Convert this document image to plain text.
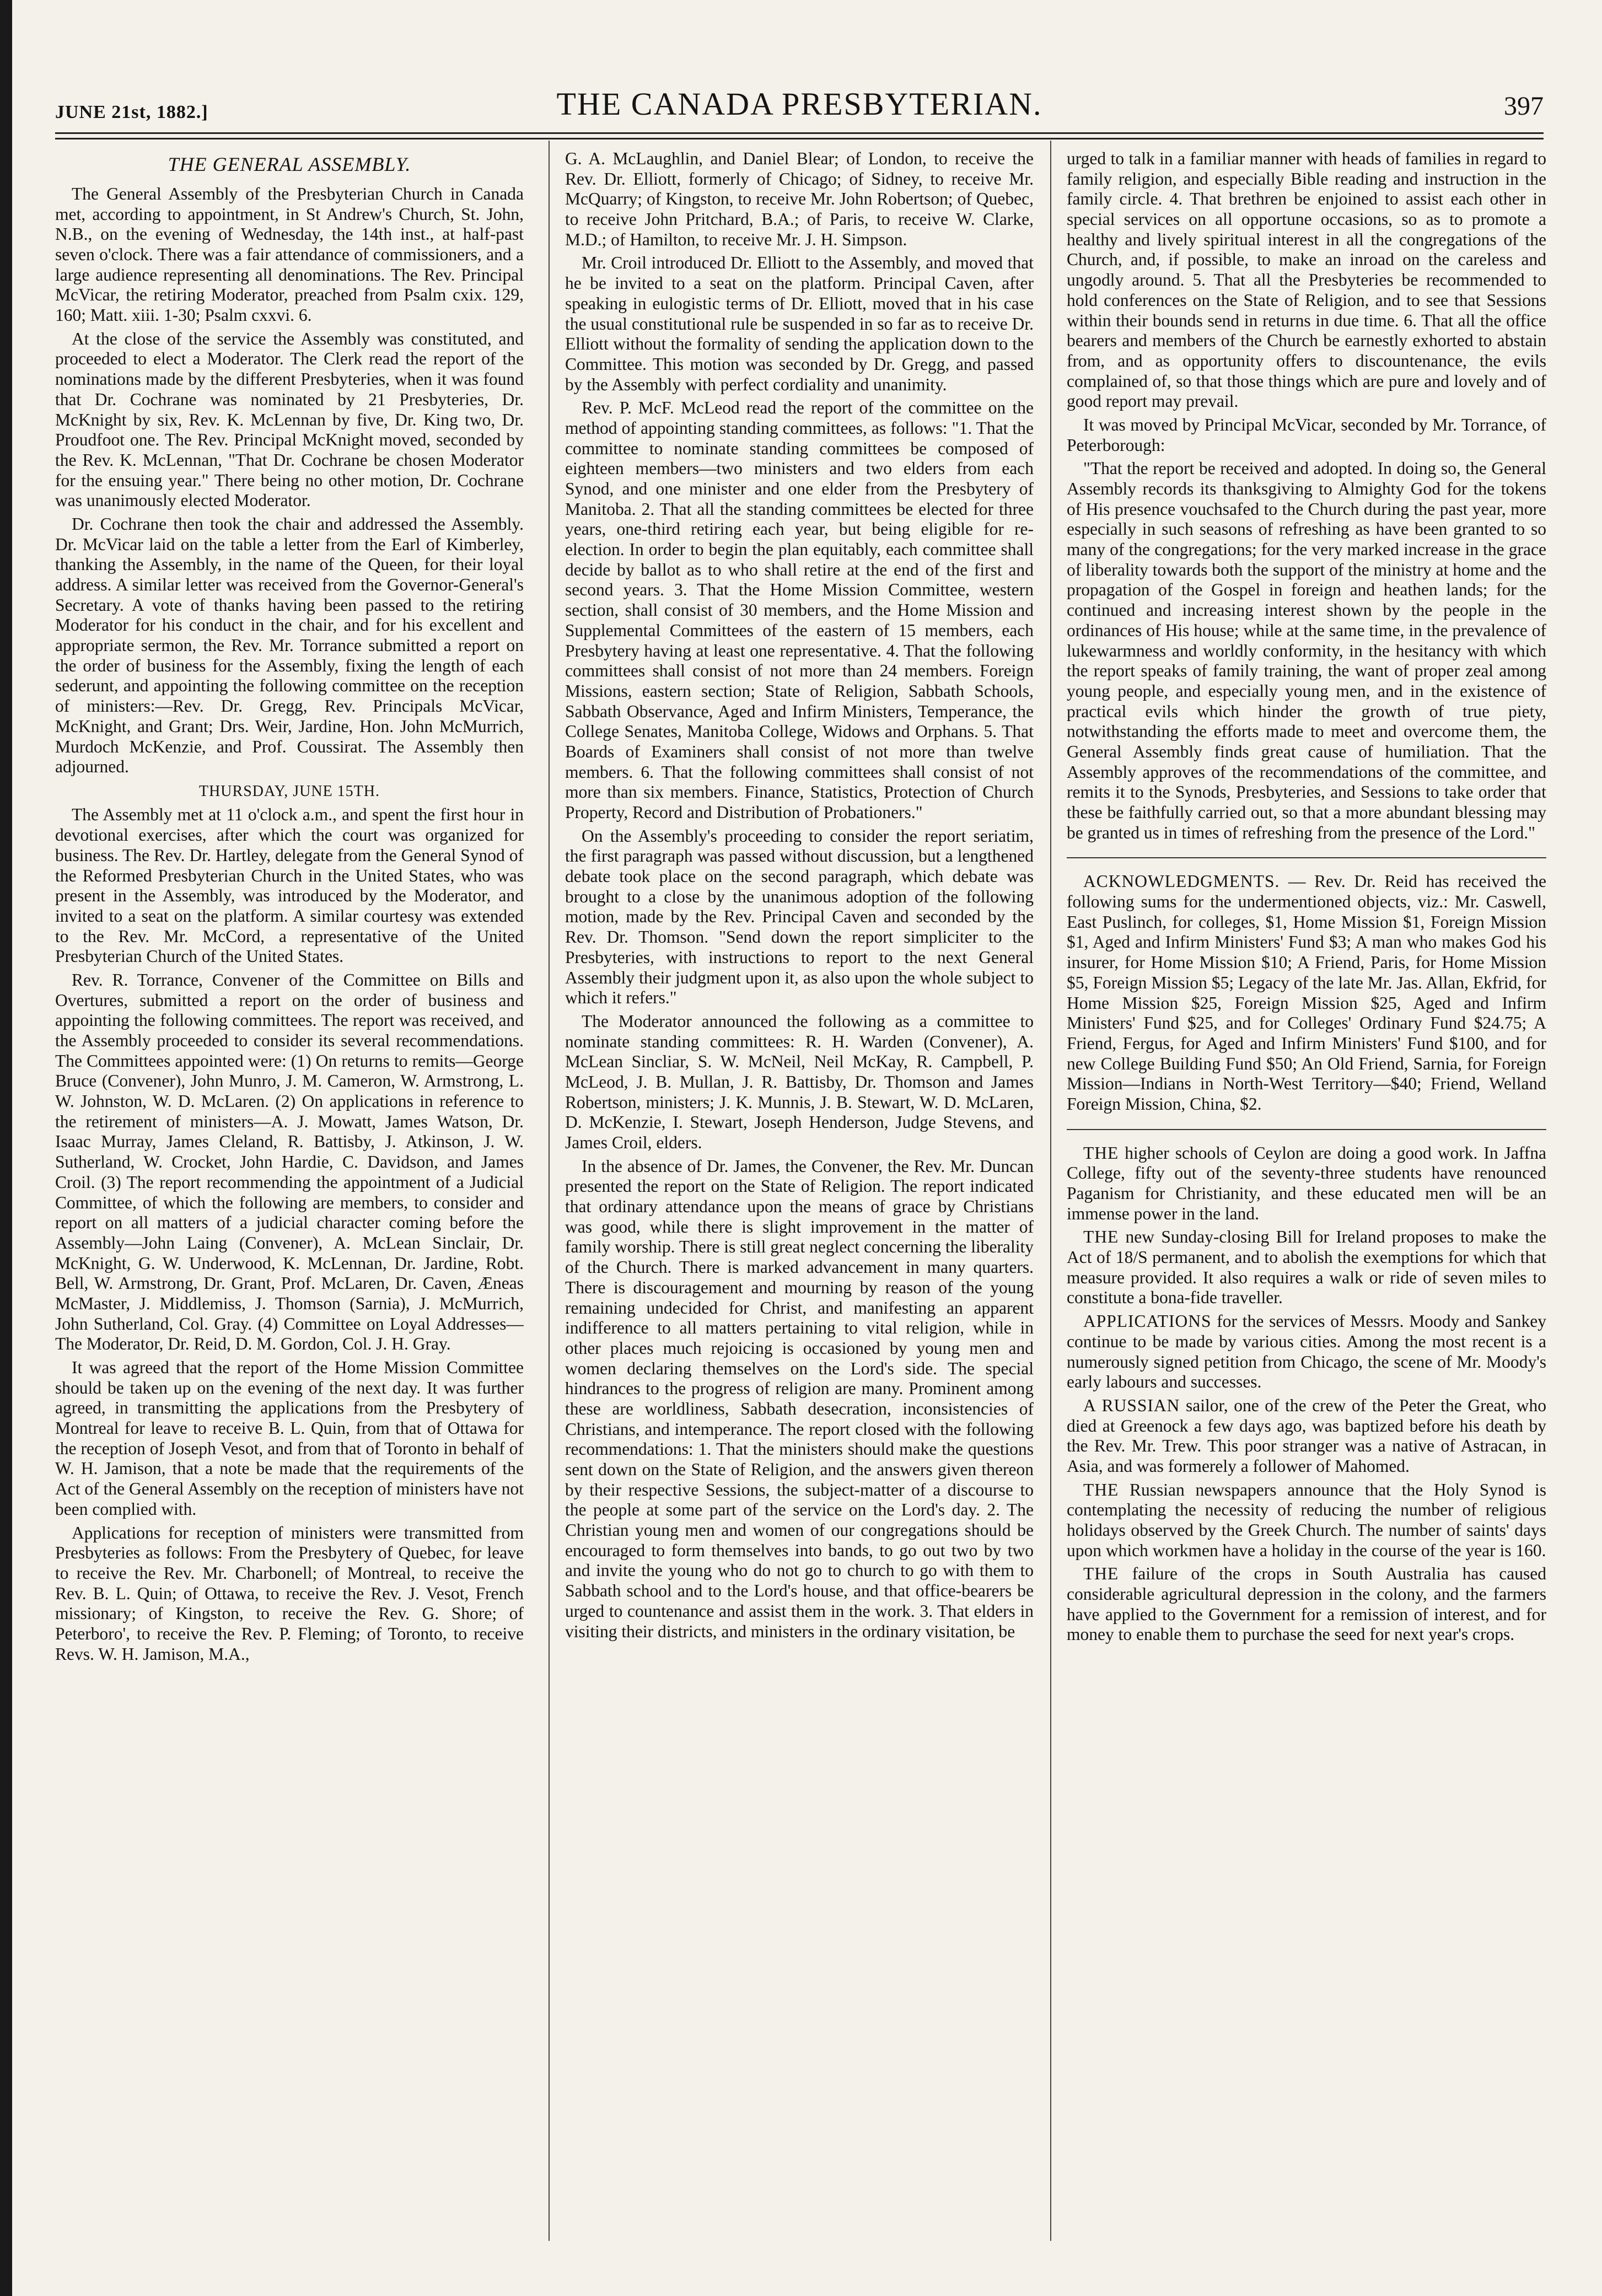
JUNE 21st, 1882.]	THE CANADA PRESBYTERIAN.	397
THE GENERAL ASSEMBLY.

The General Assembly of the Presbyterian Church in Canada met, according to appointment, in St Andrew's Church, St. John, N.B., on the evening of Wednesday, the 14th inst., at half-past seven o'clock. There was a fair attendance of commissioners, and a large audience representing all denominations. The Rev. Principal McVicar, the retiring Moderator, preached from Psalm cxix. 129, 160; Matt. xiii. 1-30; Psalm cxxvi. 6.

At the close of the service the Assembly was constituted, and proceeded to elect a Moderator. The Clerk read the report of the nominations made by the different Presbyteries, when it was found that Dr. Cochrane was nominated by 21 Presbyteries, Dr. McKnight by six, Rev. K. McLennan by five, Dr. King two, Dr. Proudfoot one. The Rev. Principal McKnight moved, seconded by the Rev. K. McLennan, "That Dr. Cochrane be chosen Moderator for the ensuing year." There being no other motion, Dr. Cochrane was unanimously elected Moderator.

Dr. Cochrane then took the chair and addressed the Assembly. Dr. McVicar laid on the table a letter from the Earl of Kimberley, thanking the Assembly, in the name of the Queen, for their loyal address. A similar letter was received from the Governor-General's Secretary. A vote of thanks having been passed to the retiring Moderator for his conduct in the chair, and for his excellent and appropriate sermon, the Rev. Mr. Torrance submitted a report on the order of business for the Assembly, fixing the length of each sederunt, and appointing the following committee on the reception of ministers:—Rev. Dr. Gregg, Rev. Principals McVicar, McKnight, and Grant; Drs. Weir, Jardine, Hon. John McMurrich, Murdoch McKenzie, and Prof. Coussirat. The Assembly then adjourned.

THURSDAY, JUNE 15TH.

The Assembly met at 11 o'clock a.m., and spent the first hour in devotional exercises, after which the court was organized for business. The Rev. Dr. Hartley, delegate from the General Synod of the Reformed Presbyterian Church in the United States, who was present in the Assembly, was introduced by the Moderator, and invited to a seat on the platform. A similar courtesy was extended to the Rev. Mr. McCord, a representative of the United Presbyterian Church of the United States.

Rev. R. Torrance, Convener of the Committee on Bills and Overtures, submitted a report on the order of business and appointing the following committees. The report was received, and the Assembly proceeded to consider its several recommendations. The Committees appointed were: (1) On returns to remits—George Bruce (Convener), John Munro, J. M. Cameron, W. Armstrong, L. W. Johnston, W. D. McLaren. (2) On applications in reference to the retirement of ministers—A. J. Mowatt, James Watson, Dr. Isaac Murray, James Cleland, R. Battisby, J. Atkinson, J. W. Sutherland, W. Crocket, John Hardie, C. Davidson, and James Croil. (3) The report recommending the appointment of a Judicial Committee, of which the following are members, to consider and report on all matters of a judicial character coming before the Assembly—John Laing (Convener), A. McLean Sinclair, Dr. McKnight, G. W. Underwood, K. McLennan, Dr. Jardine, Robt. Bell, W. Armstrong, Dr. Grant, Prof. McLaren, Dr. Caven, Æneas McMaster, J. Middlemiss, J. Thomson (Sarnia), J. McMurrich, John Sutherland, Col. Gray. (4) Committee on Loyal Addresses—The Moderator, Dr. Reid, D. M. Gordon, Col. J. H. Gray.

It was agreed that the report of the Home Mission Committee should be taken up on the evening of the next day. It was further agreed, in transmitting the applications from the Presbytery of Montreal for leave to receive B. L. Quin, from that of Ottawa for the reception of Joseph Vesot, and from that of Toronto in behalf of W. H. Jamison, that a note be made that the requirements of the Act of the General Assembly on the reception of ministers have not been complied with.

Applications for reception of ministers were transmitted from Presbyteries as follows: From the Presbytery of Quebec, for leave to receive the Rev. Mr. Charbonell; of Montreal, to receive the Rev. B. L. Quin; of Ottawa, to receive the Rev. J. Vesot, French missionary; of Kingston, to receive the Rev. G. Shore; of Peterboro', to receive the Rev. P. Fleming; of Toronto, to receive Revs. W. H. Jamison, M.A.,

G. A. McLaughlin, and Daniel Blear; of London, to receive the Rev. Dr. Elliott, formerly of Chicago; of Sidney, to receive Mr. McQuarry; of Kingston, to receive Mr. John Robertson; of Quebec, to receive John Pritchard, B.A.; of Paris, to receive W. Clarke, M.D.; of Hamilton, to receive Mr. J. H. Simpson.

Mr. Croil introduced Dr. Elliott to the Assembly, and moved that he be invited to a seat on the platform. Principal Caven, after speaking in eulogistic terms of Dr. Elliott, moved that in his case the usual constitutional rule be suspended in so far as to receive Dr. Elliott without the formality of sending the application down to the Committee. This motion was seconded by Dr. Gregg, and passed by the Assembly with perfect cordiality and unanimity.

Rev. P. McF. McLeod read the report of the committee on the method of appointing standing committees, as follows: "1. That the committee to nominate standing committees be composed of eighteen members—two ministers and two elders from each Synod, and one minister and one elder from the Presbytery of Manitoba. 2. That all the standing committees be elected for three years, one-third retiring each year, but being eligible for re-election. In order to begin the plan equitably, each committee shall decide by ballot as to who shall retire at the end of the first and second years. 3. That the Home Mission Committee, western section, shall consist of 30 members, and the Home Mission and Supplemental Committees of the eastern of 15 members, each Presbytery having at least one representative. 4. That the following committees shall consist of not more than 24 members. Foreign Missions, eastern section; State of Religion, Sabbath Schools, Sabbath Observance, Aged and Infirm Ministers, Temperance, the College Senates, Manitoba College, Widows and Orphans. 5. That Boards of Examiners shall consist of not more than twelve members. 6. That the following committees shall consist of not more than six members. Finance, Statistics, Protection of Church Property, Record and Distribution of Probationers."

On the Assembly's proceeding to consider the report seriatim, the first paragraph was passed without discussion, but a lengthened debate took place on the second paragraph, which debate was brought to a close by the unanimous adoption of the following motion, made by the Rev. Principal Caven and seconded by the Rev. Dr. Thomson. "Send down the report simpliciter to the Presbyteries, with instructions to report to the next General Assembly their judgment upon it, as also upon the whole subject to which it refers."

The Moderator announced the following as a committee to nominate standing committees: R. H. Warden (Convener), A. McLean Sincliar, S. W. McNeil, Neil McKay, R. Campbell, P. McLeod, J. B. Mullan, J. R. Battisby, Dr. Thomson and James Robertson, ministers; J. K. Munnis, J. B. Stewart, W. D. McLaren, D. McKenzie, I. Stewart, Joseph Henderson, Judge Stevens, and James Croil, elders.

In the absence of Dr. James, the Convener, the Rev. Mr. Duncan presented the report on the State of Religion. The report indicated that ordinary attendance upon the means of grace by Christians was good, while there is slight improvement in the matter of family worship. There is still great neglect concerning the liberality of the Church. There is marked advancement in many quarters. There is discouragement and mourning by reason of the young remaining undecided for Christ, and manifesting an apparent indifference to all matters pertaining to vital religion, while in other places much rejoicing is occasioned by young men and women declaring themselves on the Lord's side. The special hindrances to the progress of religion are many. Prominent among these are worldliness, Sabbath desecration, inconsistencies of Christians, and intemperance. The report closed with the following recommendations: 1. That the ministers should make the questions sent down on the State of Religion, and the answers given thereon by their respective Sessions, the subject-matter of a discourse to the people at some part of the service on the Lord's day. 2. The Christian young men and women of our congregations should be encouraged to form themselves into bands, to go out two by two and invite the young who do not go to church to go with them to Sabbath school and to the Lord's house, and that office-bearers be urged to countenance and assist them in the work. 3. That elders in visiting their districts, and ministers in the ordinary visitation, be

urged to talk in a familiar manner with heads of families in regard to family religion, and especially Bible reading and instruction in the family circle. 4. That brethren be enjoined to assist each other in special services on all opportune occasions, so as to promote a healthy and lively spiritual interest in all the congregations of the Church, and, if possible, to make an inroad on the careless and ungodly around. 5. That all the Presbyteries be recommended to hold conferences on the State of Religion, and to see that Sessions within their bounds send in returns in due time. 6. That all the office bearers and members of the Church be earnestly exhorted to abstain from, and as opportunity offers to discountenance, the evils complained of, so that those things which are pure and lovely and of good report may prevail.

It was moved by Principal McVicar, seconded by Mr. Torrance, of Peterborough:

"That the report be received and adopted. In doing so, the General Assembly records its thanksgiving to Almighty God for the tokens of His presence vouchsafed to the Church during the past year, more especially in such seasons of refreshing as have been granted to so many of the congregations; for the very marked increase in the grace of liberality towards both the support of the ministry at home and the propagation of the Gospel in foreign and heathen lands; for the continued and increasing interest shown by the people in the ordinances of His house; while at the same time, in the prevalence of lukewarmness and worldly conformity, in the hesitancy with which the report speaks of family training, the want of proper zeal among young people, and especially young men, and in the existence of practical evils which hinder the growth of true piety, notwithstanding the efforts made to meet and overcome them, the General Assembly finds great cause of humiliation. That the Assembly approves of the recommendations of the committee, and remits it to the Synods, Presbyteries, and Sessions to take order that these be faithfully carried out, so that a more abundant blessing may be granted us in times of refreshing from the presence of the Lord."

ACKNOWLEDGMENTS. — Rev. Dr. Reid has received the following sums for the undermentioned objects, viz.: Mr. Caswell, East Puslinch, for colleges, $1, Home Mission $1, Foreign Mission $1, Aged and Infirm Ministers' Fund $3; A man who makes God his insurer, for Home Mission $10; A Friend, Paris, for Home Mission $5, Foreign Mission $5; Legacy of the late Mr. Jas. Allan, Ekfrid, for Home Mission $25, Foreign Mission $25, Aged and Infirm Ministers' Fund $25, and for Colleges' Ordinary Fund $24.75; A Friend, Fergus, for Aged and Infirm Ministers' Fund $100, and for new College Building Fund $50; An Old Friend, Sarnia, for Foreign Mission—Indians in North-West Territory—$40; Friend, Welland Foreign Mission, China, $2.

THE higher schools of Ceylon are doing a good work. In Jaffna College, fifty out of the seventy-three students have renounced Paganism for Christianity, and these educated men will be an immense power in the land.

THE new Sunday-closing Bill for Ireland proposes to make the Act of 18/S permanent, and to abolish the exemptions for which that measure provided. It also requires a walk or ride of seven miles to constitute a bona-fide traveller.

APPLICATIONS for the services of Messrs. Moody and Sankey continue to be made by various cities. Among the most recent is a numerously signed petition from Chicago, the scene of Mr. Moody's early labours and successes.

A RUSSIAN sailor, one of the crew of the Peter the Great, who died at Greenock a few days ago, was baptized before his death by the Rev. Mr. Trew. This poor stranger was a native of Astracan, in Asia, and was formerely a follower of Mahomed.

THE Russian newspapers announce that the Holy Synod is contemplating the necessity of reducing the number of religious holidays observed by the Greek Church. The number of saints' days upon which workmen have a holiday in the course of the year is 160.

THE failure of the crops in South Australia has caused considerable agricultural depression in the colony, and the farmers have applied to the Government for a remission of interest, and for money to enable them to purchase the seed for next year's crops.
